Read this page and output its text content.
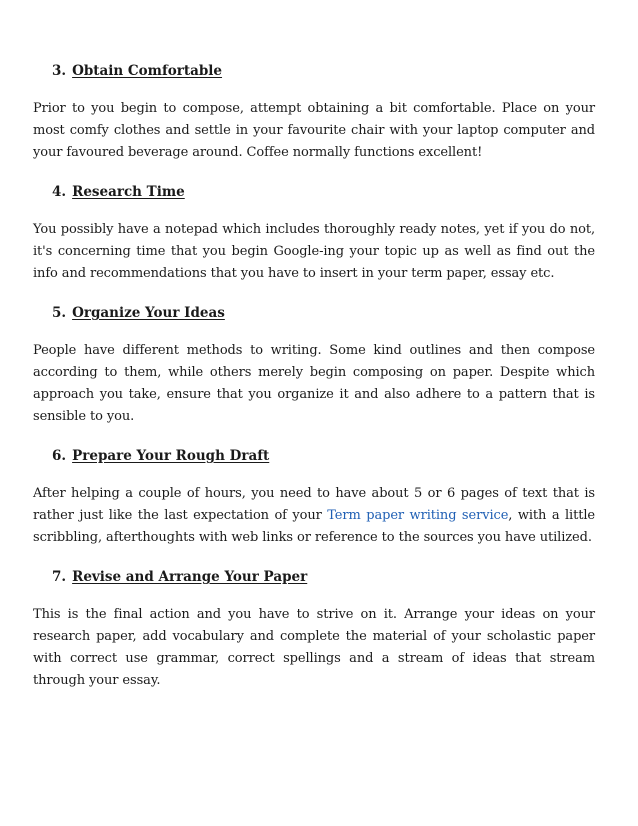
3. Obtain Comfortable

Prior to you begin to compose, attempt obtaining a bit comfortable. Place on your most comfy clothes and settle in your favourite chair with your laptop computer and your favoured beverage around. Coffee normally functions excellent!

4. Research Time

You possibly have a notepad which includes thoroughly ready notes, yet if you do not, it's concerning time that you begin Google-ing your topic up as well as find out the info and recommendations that you have to insert in your term paper, essay etc.

5. Organize Your Ideas

People have different methods to writing. Some kind outlines and then compose according to them, while others merely begin composing on paper. Despite which approach you take, ensure that you organize it and also adhere to a pattern that is sensible to you.

6. Prepare Your Rough Draft

After helping a couple of hours, you need to have about 5 or 6 pages of text that is rather just like the last expectation of your Term paper writing service, with a little scribbling, afterthoughts with web links or reference to the sources you have utilized.

7. Revise and Arrange Your Paper

This is the final action and you have to strive on it. Arrange your ideas on your research paper, add vocabulary and complete the material of your scholastic paper with correct use grammar, correct spellings and a stream of ideas that stream through your essay.
